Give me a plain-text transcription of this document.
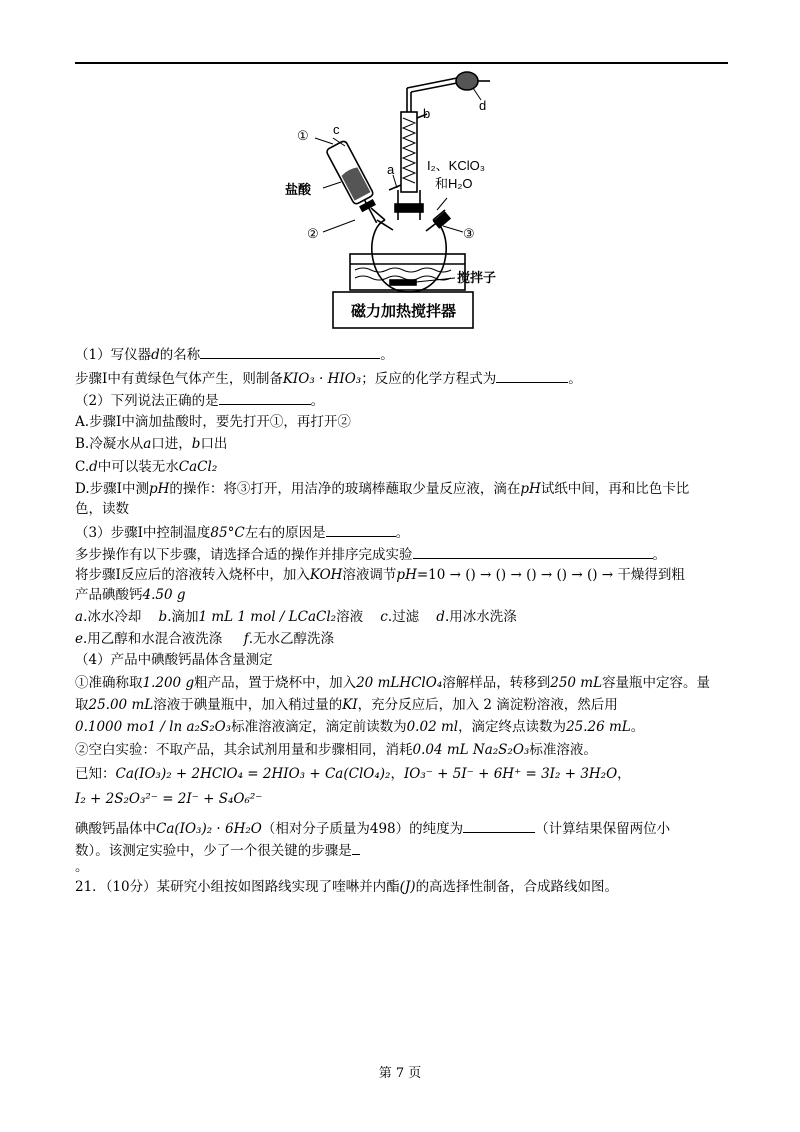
① c
盐酸
②
a
b
d
I₂、KClO₃
和H₂O
③
搅拌子
磁力加热搅拌器
（1）写仪器d的名称	。
步骤Ⅰ中有黄绿色气体产生，则制备KIO₃ · HIO₃；反应的化学方程式为	。
（2）下列说法正确的是	。
A.步骤Ⅰ中滴加盐酸时，要先打开①，再打开②
B.冷凝水从a口进，b口出
C.d中可以装无水CaCl₂
D.步骤Ⅰ中测pH的操作：将③打开，用洁净的玻璃棒蘸取少量反应液，滴在pH试纸中间，再和比色卡比
色，读数
（3）步骤Ⅰ中控制温度85°C左右的原因是	。
多步操作有以下步骤，请选择合适的操作并排序完成实验	。
将步骤Ⅰ反应后的溶液转入烧杯中，加入KOH溶液调节pH=10 → () → () → () → () → () → 干燥得到粗
产品碘酸钙4.50 g
a.冰水冷却 b.滴加1 mL 1 mol / LCaCl₂溶液 c.过滤 d.用冰水洗涤
e.用乙醇和水混合液洗涤 f.无水乙醇洗涤
（4）产品中碘酸钙晶体含量测定
①准确称取1.200 g粗产品，置于烧杯中，加入20 mLHClO₄溶解样品，转移到250 mL容量瓶中定容。量
取25.00 mL溶液于碘量瓶中，加入稍过量的KI，充分反应后，加入 2 滴淀粉溶液，然后用
0.1000 mo1 / ln a₂S₂O₃标准溶液滴定，滴定前读数为0.02 ml，滴定终点读数为25.26 mL。
②空白实验：不取产品，其余试剂用量和步骤相同，消耗0.04 mL Na₂S₂O₃标准溶液。
已知：Ca(IO₃)₂ + 2HClO₄ = 2HIO₃ + Ca(ClO₄)₂，IO₃⁻ + 5I⁻ + 6H⁺ = 3I₂ + 3H₂O，
I₂ + 2S₂O₃²⁻ = 2I⁻ + S₄O₆²⁻
碘酸钙晶体中Ca(IO₃)₂ · 6H₂O（相对分子质量为498）的纯度为	（计算结果保留两位小
数）。该测定实验中，少了一个很关键的步骤是
。
21．（10分）某研究小组按如图路线实现了喹啉并内酯(J)的高选择性制备，合成路线如图。
第 7 页
